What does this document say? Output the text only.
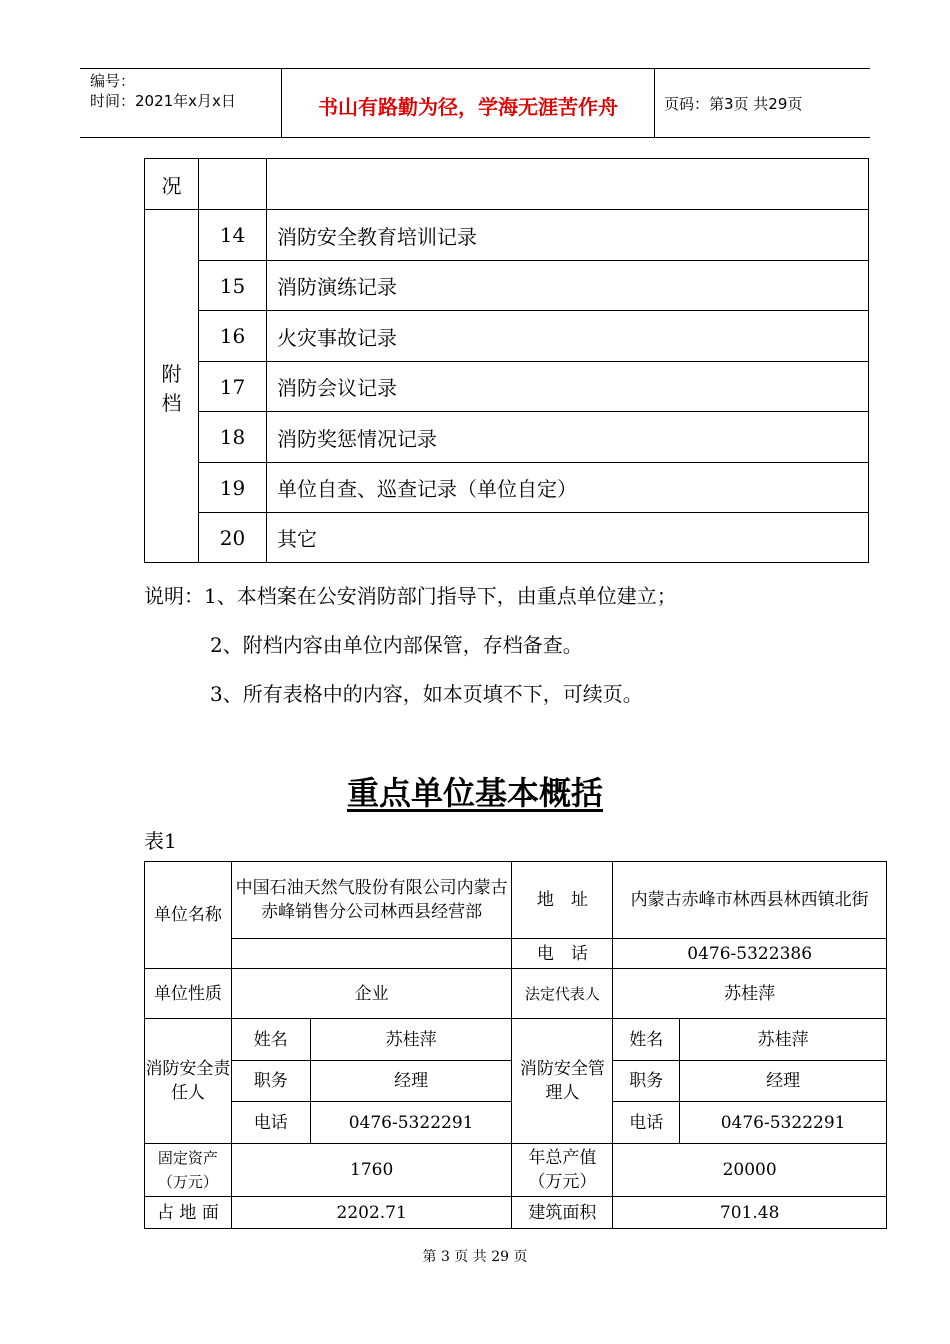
编号：
时间：2021年x月x日	书山有路勤为径，学海无涯苦作舟	页码：第3页 共29页
况		

附
档	14	消防安全教育培训记录
	15	消防演练记录
	16	火灾事故记录
	17	消防会议记录
	18	消防奖惩情况记录
	19	单位自查、巡查记录（单位自定）
	20	其它
说明：1、本档案在公安消防部门指导下，由重点单位建立；
2、附档内容由单位内部保管，存档备查。
3、所有表格中的内容，如本页填不下，可续页。
重点单位基本概括
表1
单位名称	中国石油天然气股份有限公司内蒙古赤峰销售分公司林西县经营部		地　址	内蒙古赤峰市林西县林西镇北街	
			电　话	0476-5322386	
单位性质	企业		法定代表人	苏桂萍	
消防安全责任人	姓名	苏桂萍	消防安全管理人	姓名	苏桂萍
	职务	经理		职务	经理
	电话	0476-5322291		电话	0476-5322291
固定资产（万元）	1760		年总产值（万元）	20000	
占 地 面	2202.71		建筑面积	701.48	
第 3 页 共 29 页
